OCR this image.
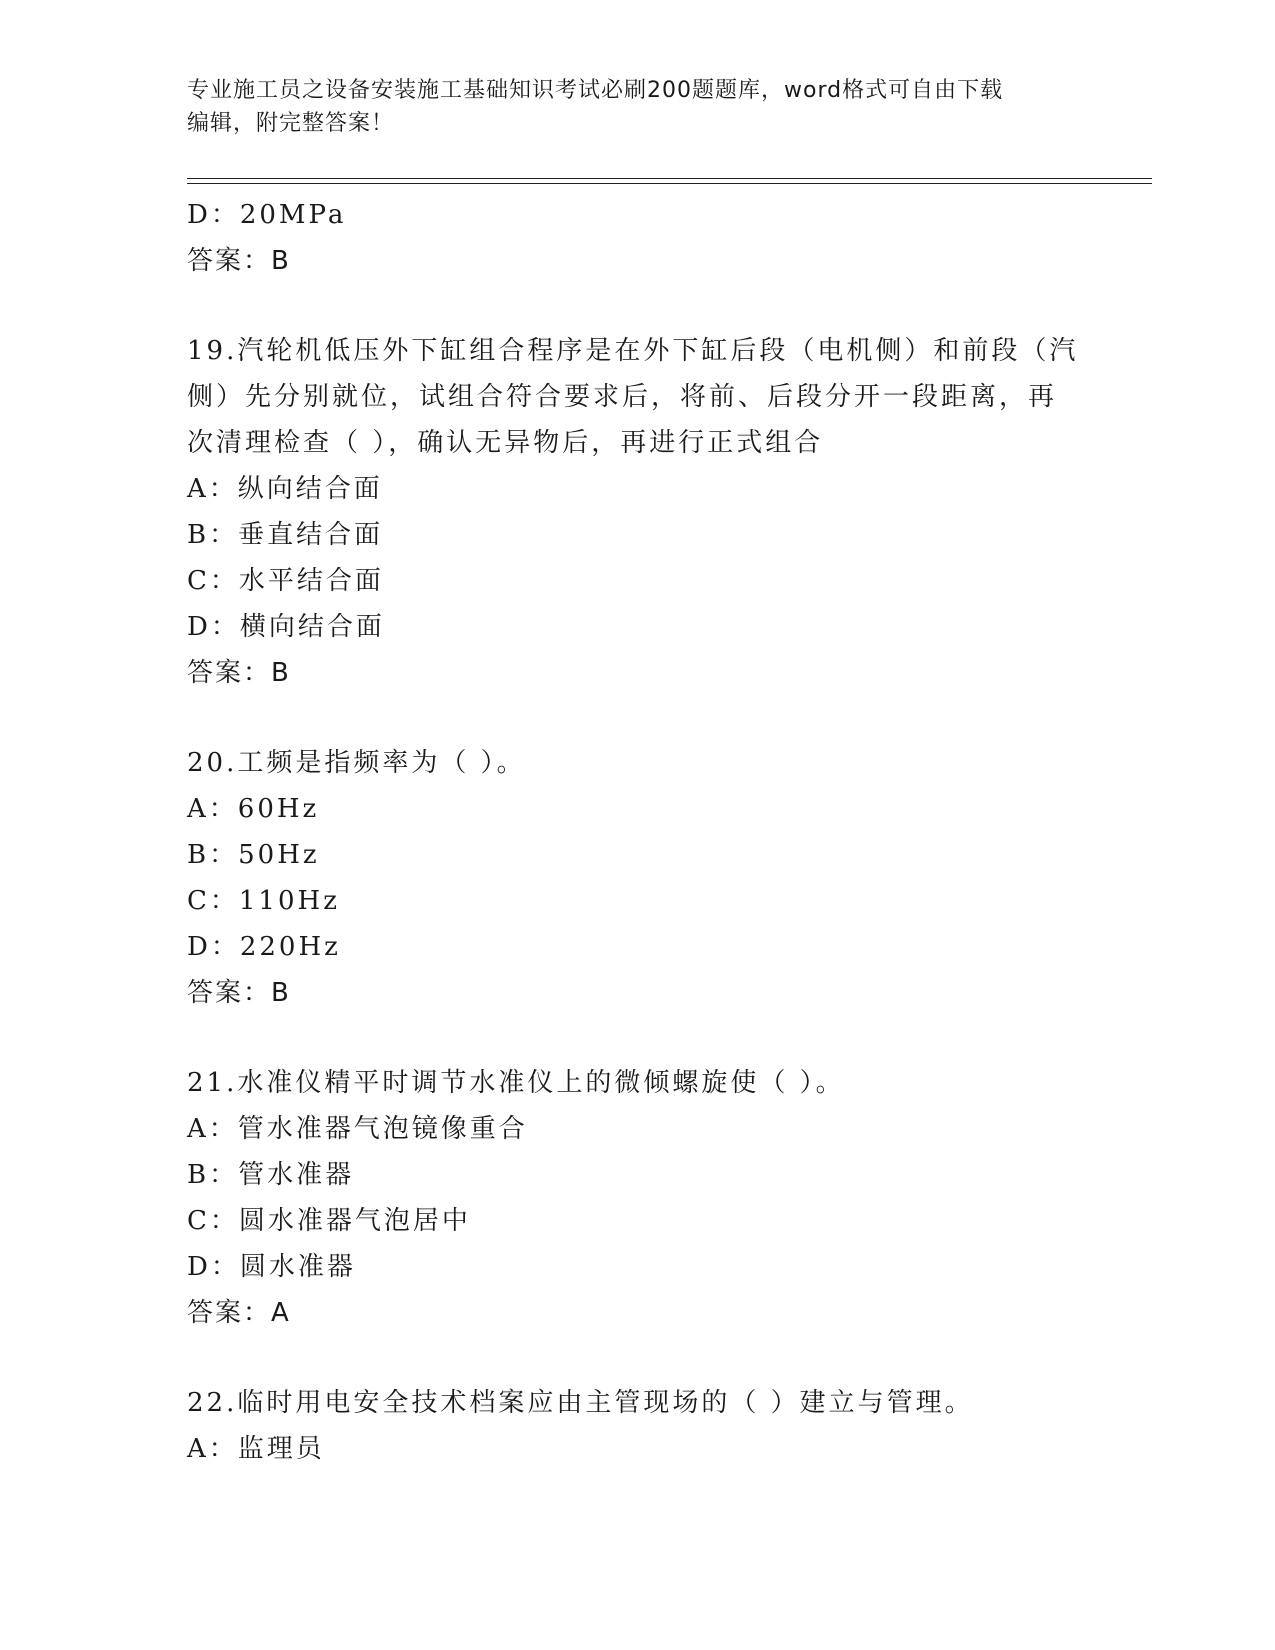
专业施工员之设备安装施工基础知识考试必刷200题题库，word格式可自由下载
编辑，附完整答案！
D：20MPa
答案：B
19.汽轮机低压外下缸组合程序是在外下缸后段（电机侧）和前段（汽
侧）先分别就位，试组合符合要求后，将前、后段分开一段距离，再
次清理检查（ ），确认无异物后，再进行正式组合
A：纵向结合面
B：垂直结合面
C：水平结合面
D：横向结合面
答案：B
20.工频是指频率为（ ）。
A：60Hz
B：50Hz
C：110Hz
D：220Hz
答案：B
21.水准仪精平时调节水准仪上的微倾螺旋使（ ）。
A：管水准器气泡镜像重合
B：管水准器
C：圆水准器气泡居中
D：圆水准器
答案：A
22.临时用电安全技术档案应由主管现场的（ ）建立与管理。
A：监理员
